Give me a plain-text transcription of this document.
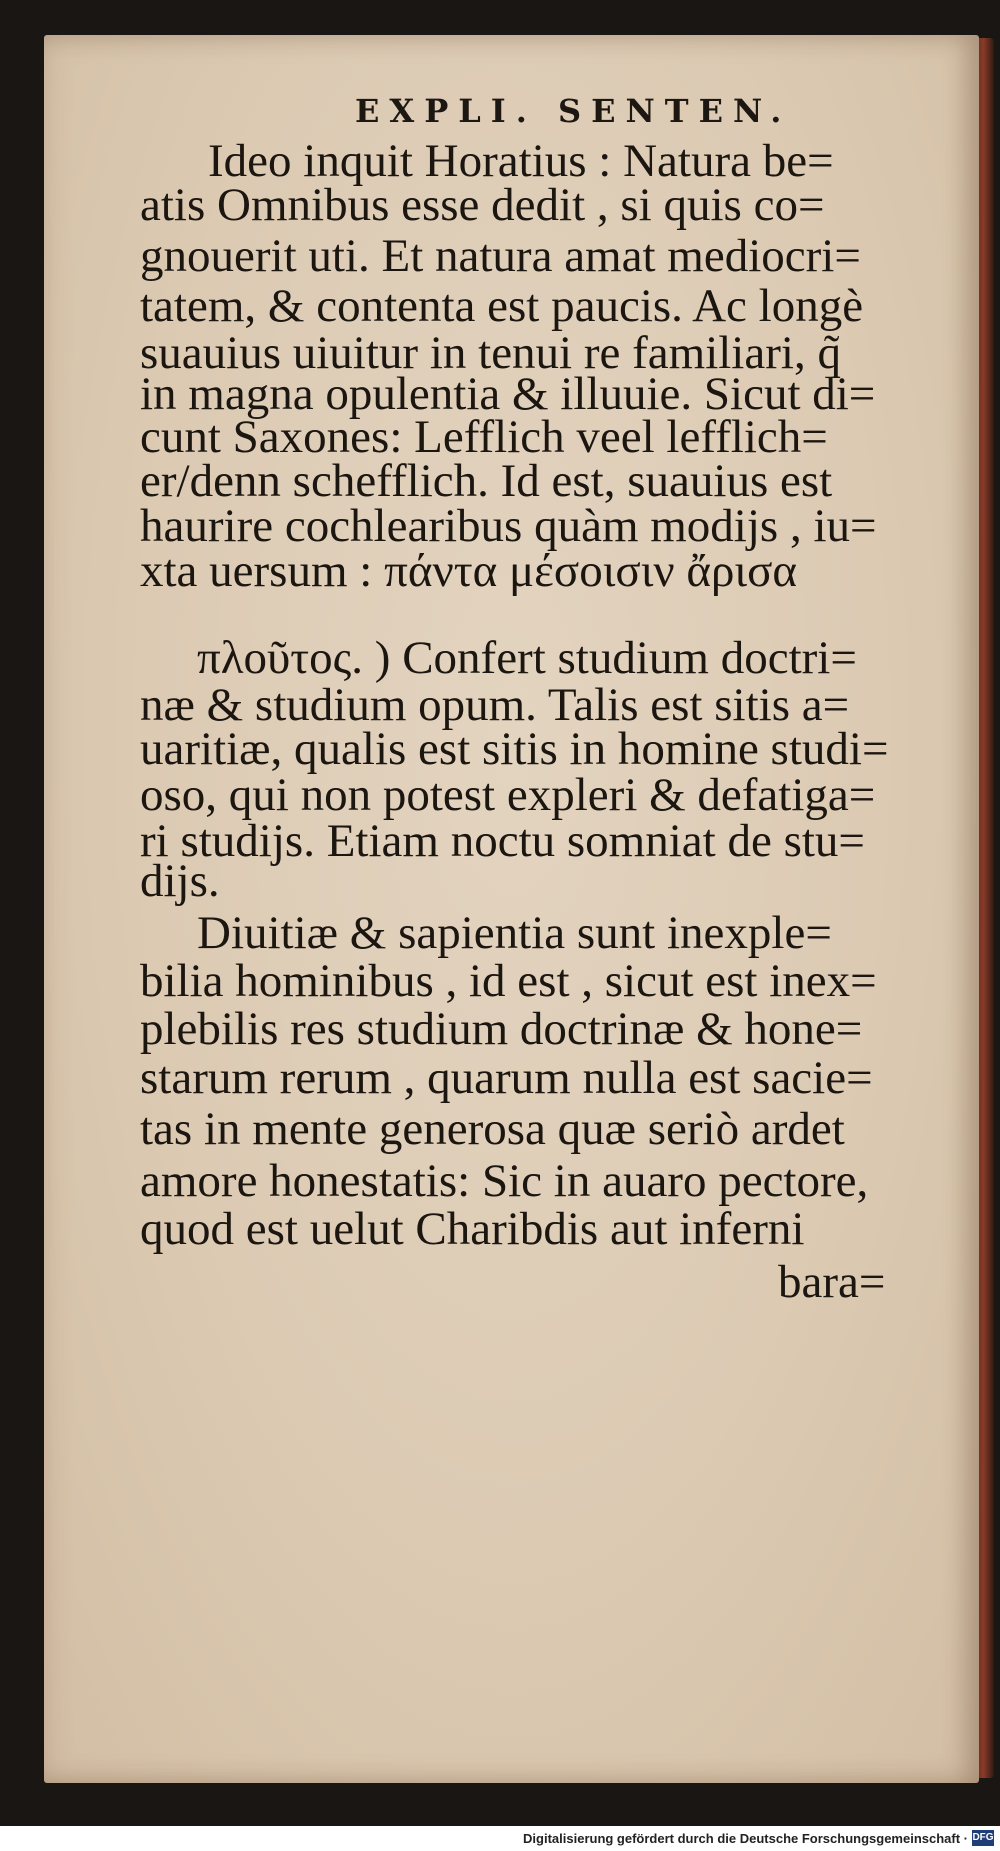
EXPLI. SENTEN.
Ideo inquit Horatius : Natura be=
atis Omnibus esse dedit , si quis co=
gnouerit uti. Et natura amat mediocri=
tatem, & contenta est paucis. Ac longè
suauius uiuitur in tenui re familiari, q̃
in magna opulentia & illuuie. Sicut di=
cunt Saxones: Lefflich veel lefflich=
er/denn schefflich. Id est, suauius est
haurire cochlearibus quàm modijs , iu=
xta uersum : πάντα μέσοισιν ἄρισα
πλοῦτος. ) Confert studium doctri=
næ & studium opum. Talis est sitis a=
uaritiæ, qualis est sitis in homine studi=
oso, qui non potest expleri & defatiga=
ri studijs. Etiam noctu somniat de stu=
dijs.
Diuitiæ & sapientia sunt inexple=
bilia hominibus , id est , sicut est inex=
plebilis res studium doctrinæ & hone=
starum rerum , quarum nulla est sacie=
tas in mente generosa quæ seriò ardet
amore honestatis: Sic in auaro pectore,
quod est uelut Charibdis aut inferni
bara=
Digitalisierung gefördert durch die Deutsche Forschungsgemeinschaft · DFG
